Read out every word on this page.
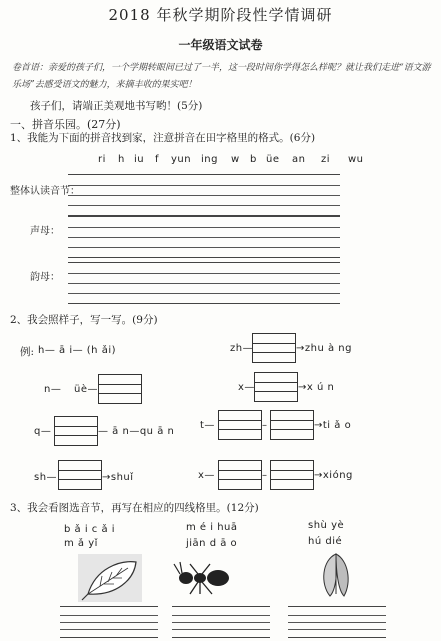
2018 年秋学期阶段性学情调研
一年级语文试卷
卷首语：亲爱的孩子们，一个学期转眼间已过了一半，这一段时间你学得怎么样呢？就让我们走进“语文游乐场”去感受语文的魅力，来摘丰收的果实吧！
孩子们，请端正美观地书写哟！(5分)
一、拼音乐园。(27分)
1、我能为下面的拼音找到家，注意拼音在田字格里的格式。(6分)
ri h iu f yun ing w b üe an zi wu
整体认读音节：
声母：
韵母：
2、我会照样子，写一写。(9分)
例: h— ā i— (h ǎi)	zh—	→zhu à ng
n— üè—	x—	→x ú n
q—	— ā n—qu ā n
t—	–	→ti ǎ o
sh—	→shuǐ	x—	–	→xióng
3、我会看图选音节，再写在相应的四线格里。(12分)
b ǎ i c ǎ i
m ǎ yǐ
m é i huā
jiān d ā o
shù yè
hú dié
